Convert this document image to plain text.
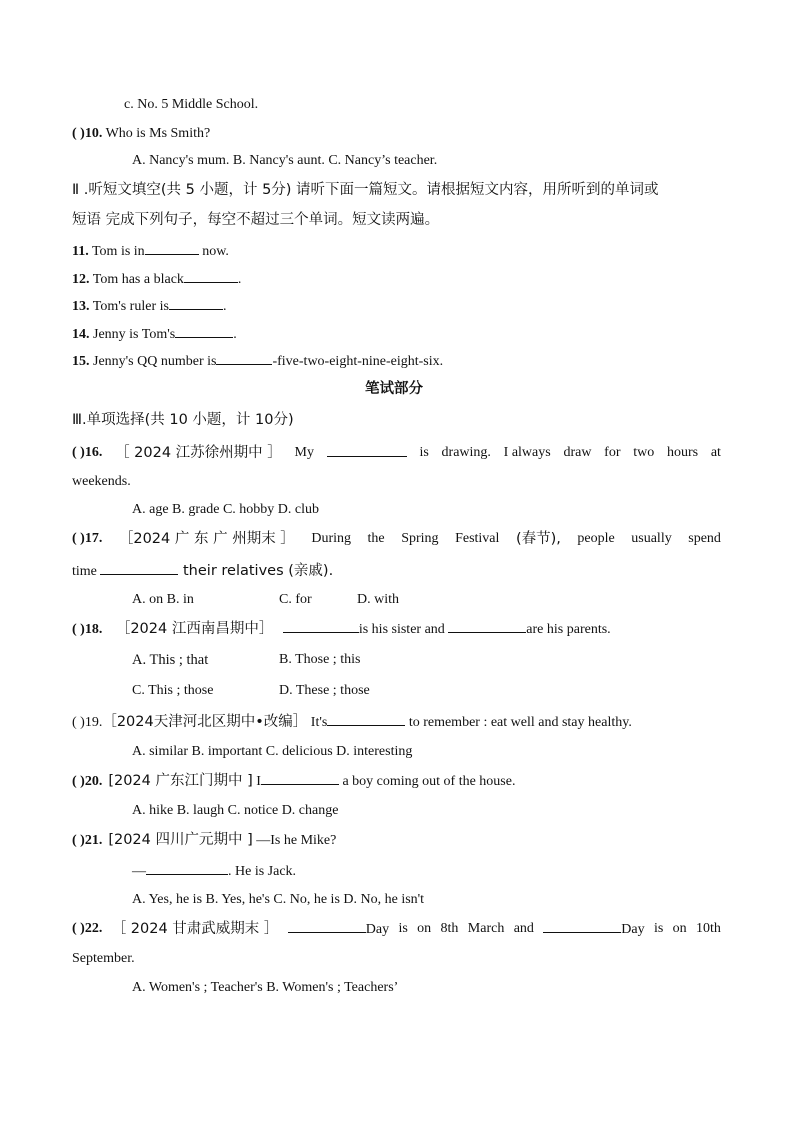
c. No. 5 Middle School.
( )10. Who is Ms Smith?
A. Nancy's mum. B. Nancy's aunt. C. Nancy’s teacher.
Ⅱ .听短文填空(共 5 小题，计 5分) 请听下面一篇短文。请根据短文内容，用所听到的单词或
短语 完成下列句子，每空不超过三个单词。短文读两遍。
11. Tom is in	now.
12. Tom has a black	.
13. Tom's ruler is	.
14. Jenny is Tom's	.
15. Jenny's QQ number is	-five-two-eight-nine-eight-six.
笔试部分
Ⅲ.单项选择(共 10 小题，计 10分)
( )16. ［ 2024 江苏徐州期中 ］ My	is drawing. I always draw for two hours at
weekends.
A. age B. grade C. hobby D. club
( )17. ［2024 广 东 广 州期末 ］ During the Spring Festival (春节), people usually spend
time	their relatives (亲戚).
A. on B. in	C. for	D. with
( )18. ［2024 江西南昌期中］	is his sister and	are his parents.
A. This ; that	B. Those ; this
C. This ; those	D. These ; those
( )19.［2024天津河北区期中•改编］ It's	to remember : eat well and stay healthy.
A. similar B. important C. delicious D. interesting
( )20. [2024 广东江门期中 ] I	a boy coming out of the house.
A. hike B. laugh C. notice D. change
( )21. [2024 四川广元期中 ] —Is he Mike?
—	. He is Jack.
A. Yes, he is B. Yes, he's C. No, he is D. No, he isn't
( )22. ［ 2024 甘肃武威期末 ］	Day is on 8th March and	Day is on 10th
September.
A. Women's ; Teacher's B. Women's ; Teachers’
